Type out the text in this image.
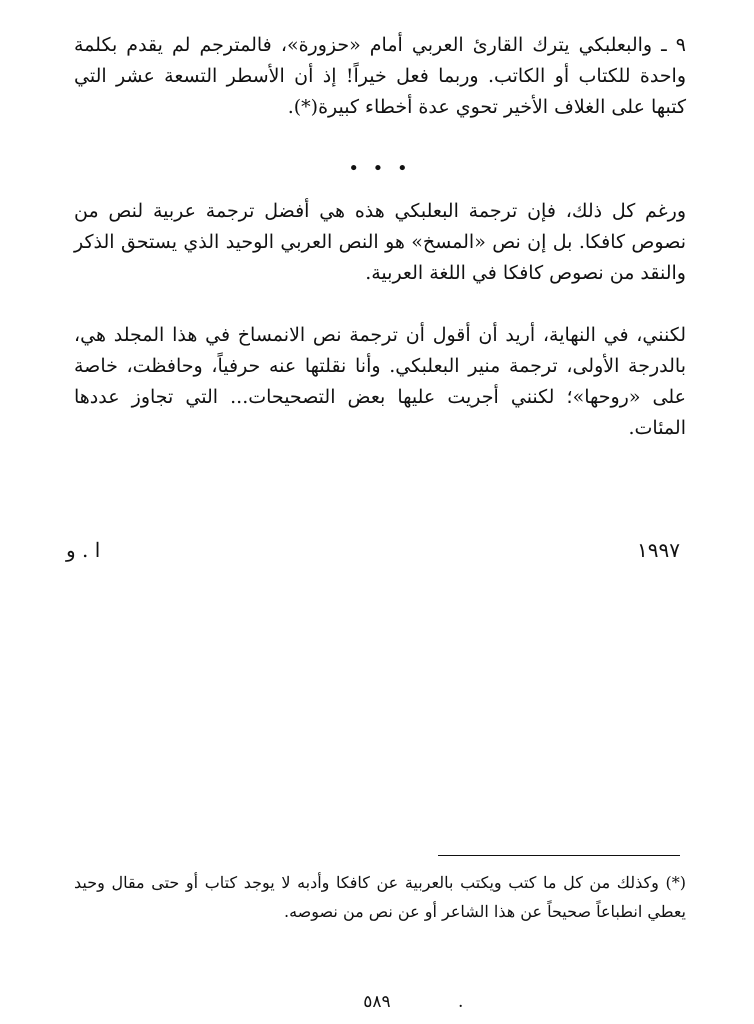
٩ ـ والبعلبكي يترك القارئ العربي أمام «حزورة»، فالمترجم لم يقدم بكلمة واحدة للكتاب أو الكاتب. وربما فعل خيراً! إذ أن الأسطر التسعة عشر التي كتبها على الغلاف الأخير تحوي عدة أخطاء كبيرة(*).

• • •

ورغم كل ذلك، فإن ترجمة البعلبكي هذه هي أفضل ترجمة عربية لنص من نصوص كافكا. بل إن نص «المسخ» هو النص العربي الوحيد الذي يستحق الذكر والنقد من نصوص كافكا في اللغة العربية.

لكنني، في النهاية، أريد أن أقول أن ترجمة نص الانمساخ في هذا المجلد هي، بالدرجة الأولى، ترجمة منير البعلبكي. وأنا نقلتها عنه حرفياً، وحافظت، خاصة على «روحها»؛ لكنني أجريت عليها بعض التصحيحات... التي تجاوز عددها المئات.

١٩٩٧
ا . و

(*) وكذلك من كل ما كتب ويكتب بالعربية عن كافكا وأدبه لا يوجد كتاب أو حتى مقال وحيد يعطي انطباعاً صحيحاً عن هذا الشاعر أو عن نص من نصوصه.

٥٨٩	.
